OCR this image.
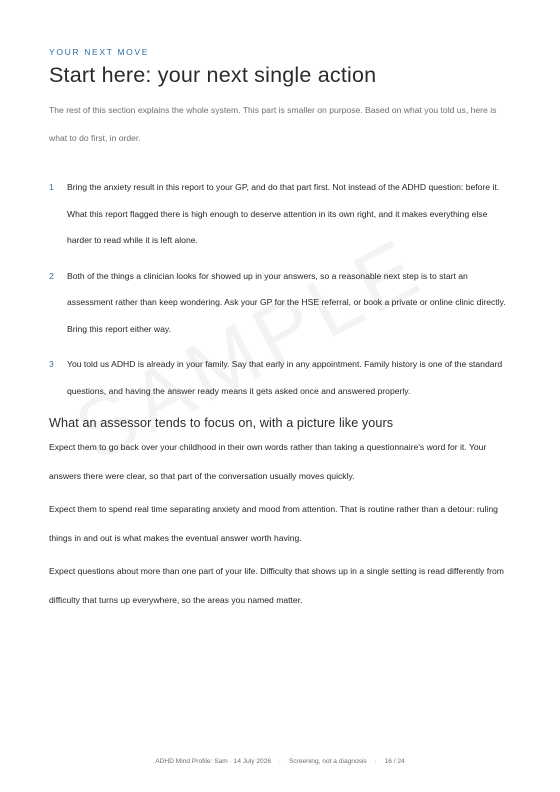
YOUR NEXT MOVE

Start here: your next single action

The rest of this section explains the whole system. This part is smaller on purpose. Based on what you told us, here is what to do first, in order.

1 Bring the anxiety result in this report to your GP, and do that part first. Not instead of the ADHD question: before it. What this report flagged there is high enough to deserve attention in its own right, and it makes everything else harder to read while it is left alone.
2 Both of the things a clinician looks for showed up in your answers, so a reasonable next step is to start an assessment rather than keep wondering. Ask your GP for the HSE referral, or book a private or online clinic directly. Bring this report either way.
3 You told us ADHD is already in your family. Say that early in any appointment. Family history is one of the standard questions, and having the answer ready means it gets asked once and answered properly.
What an assessor tends to focus on, with a picture like yours

Expect them to go back over your childhood in their own words rather than taking a questionnaire's word for it. Your answers there were clear, so that part of the conversation usually moves quickly.

Expect them to spend real time separating anxiety and mood from attention. That is routine rather than a detour: ruling things in and out is what makes the eventual answer worth having.

Expect questions about more than one part of your life. Difficulty that shows up in a single setting is read differently from difficulty that turns up everywhere, so the areas you named matter.

ADHD Mind Profile: Sam · 14 July 2026 · Screening, not a diagnosis · 16 / 24
